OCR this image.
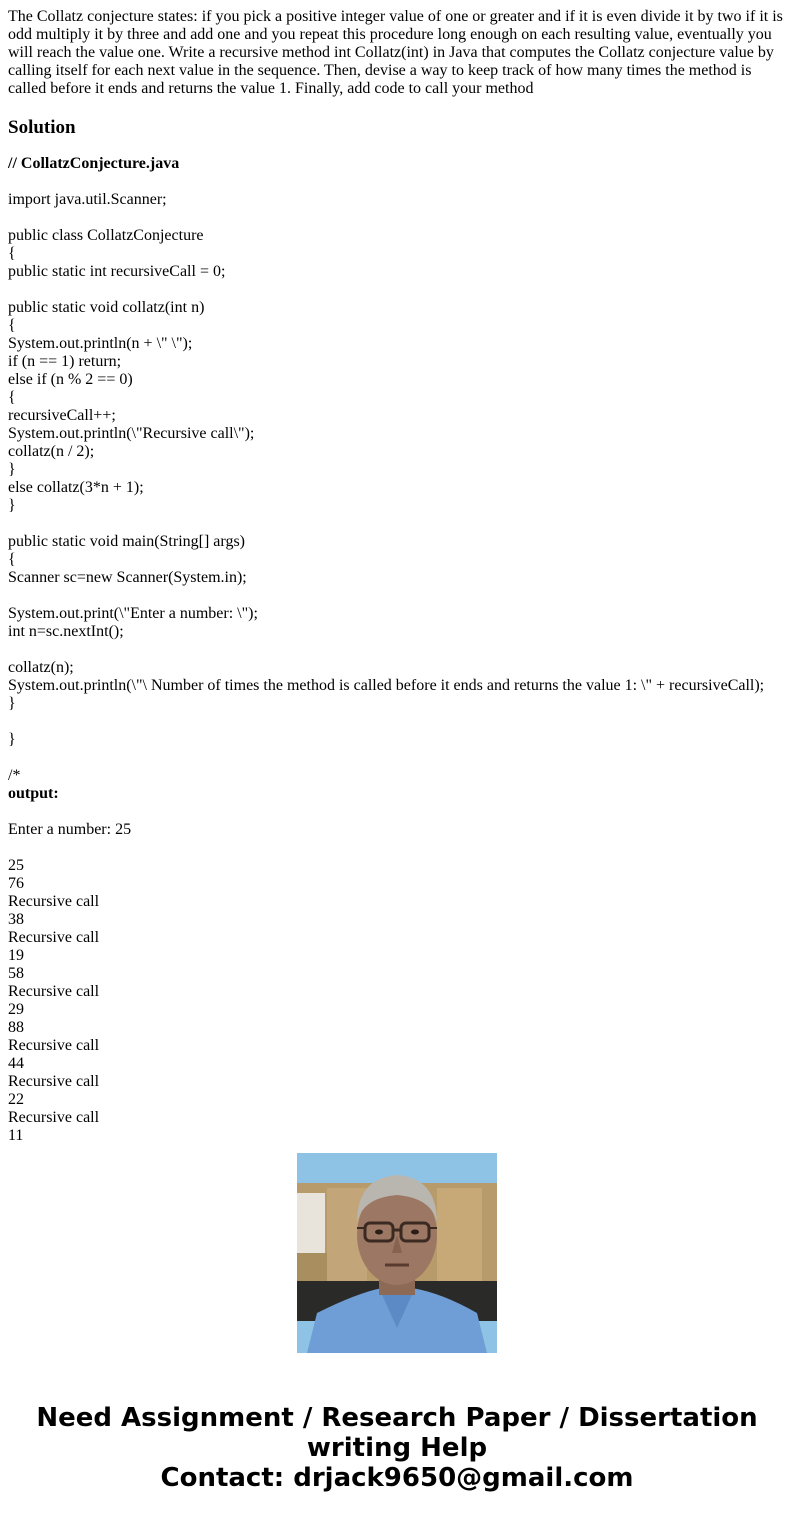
The Collatz conjecture states: if you pick a positive integer value of one or greater and if it is even divide it by two if it is odd multiply it by three and add one and you repeat this procedure long enough on each resulting value, eventually you will reach the value one. Write a recursive method int Collatz(int) in Java that computes the Collatz conjecture value by calling itself for each next value in the sequence. Then, devise a way to keep track of how many times the method is called before it ends and returns the value 1. Finally, add code to call your method

Solution
// CollatzConjecture.java
import java.util.Scanner;
public class CollatzConjecture
{
public static int recursiveCall = 0;
public static void collatz(int n)
{
System.out.println(n + \" \");
if (n == 1) return;
else if (n % 2 == 0)
{
recursiveCall++;
System.out.println(\"Recursive call\");
collatz(n / 2);
}
else collatz(3*n + 1);
}
public static void main(String[] args)
{
Scanner sc=new Scanner(System.in);
System.out.print(\"Enter a number: \");
int n=sc.nextInt();
collatz(n);
System.out.println(\"\ Number of times the method is called before it ends and returns the value 1: \" + recursiveCall);
}
}
/*
output:
Enter a number: 25
25
76
Recursive call
38
Recursive call
19
58
Recursive call
29
88
Recursive call
44
Recursive call
22
Recursive call
11
Need Assignment / Research Paper / Dissertation
writing Help
Contact: drjack9650@gmail.com
